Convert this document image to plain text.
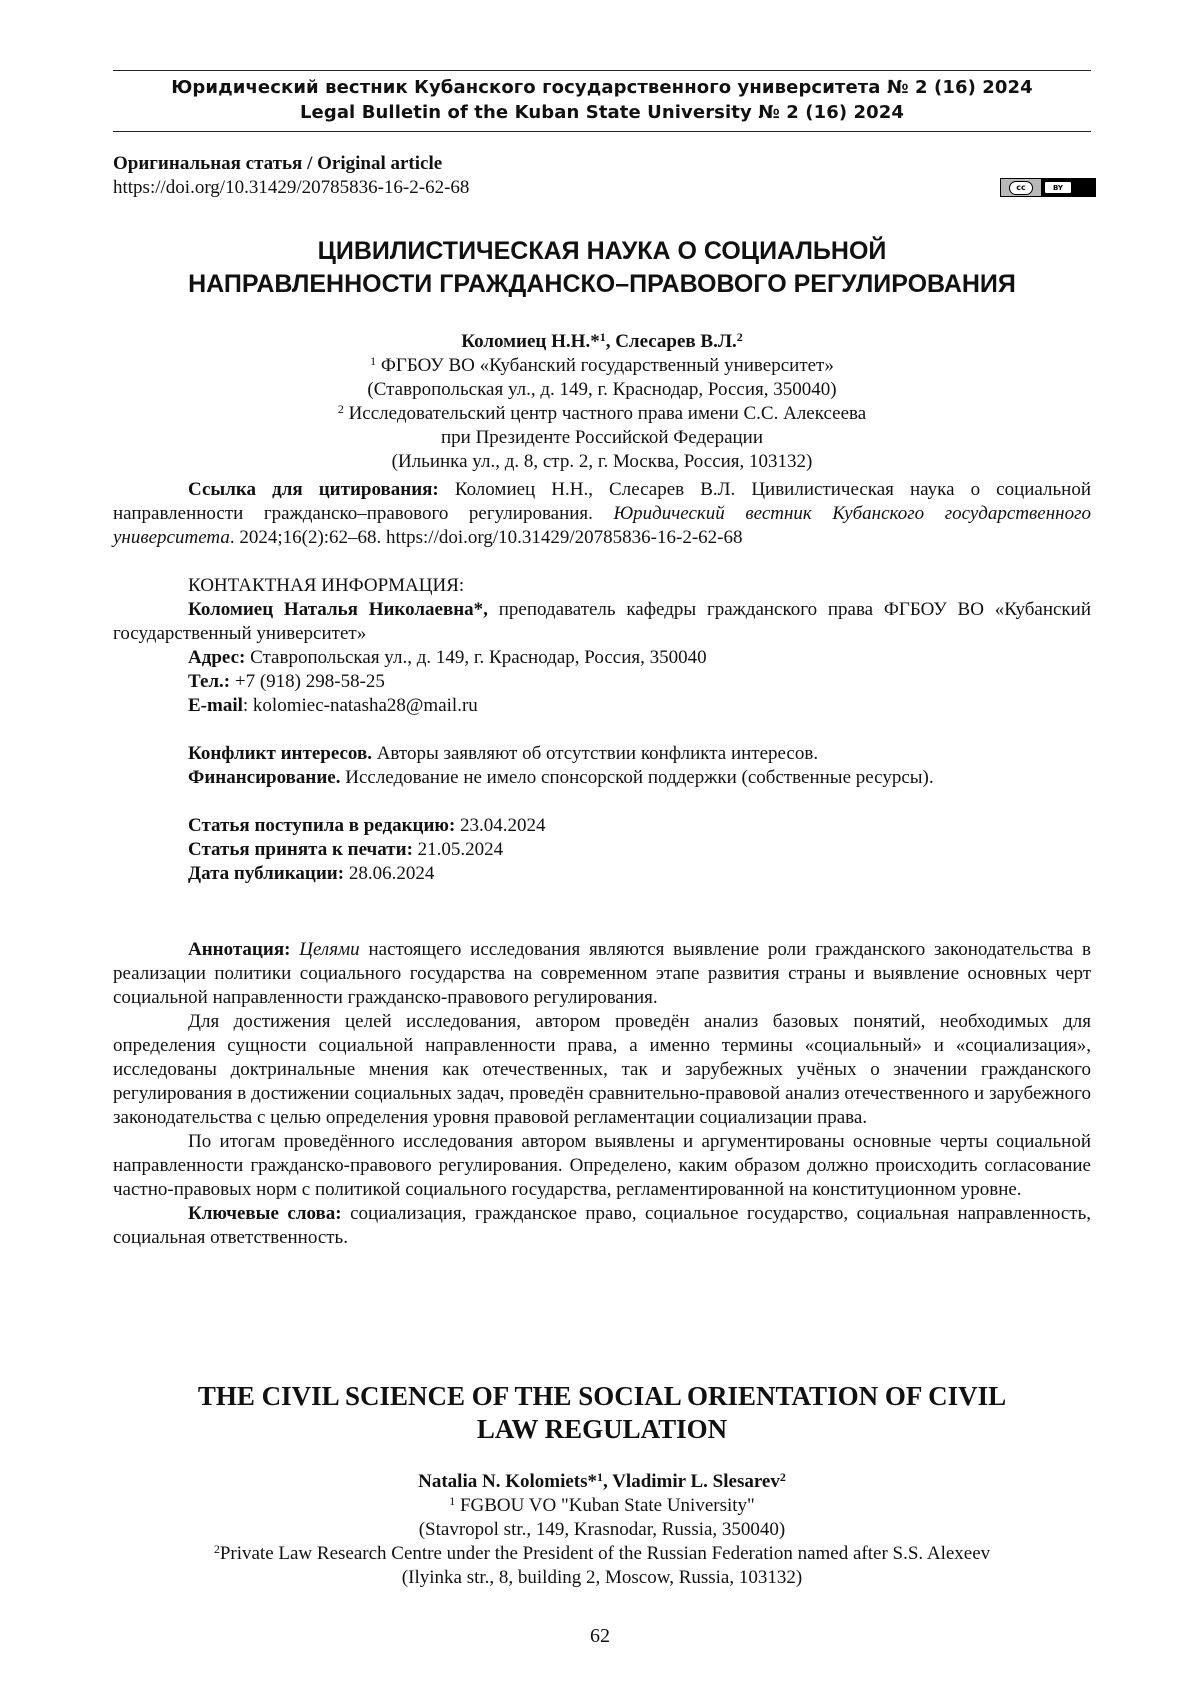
Юридический вестник Кубанского государственного университета № 2 (16) 2024
Legal Bulletin of the Kuban State University № 2 (16) 2024
Оригинальная статья / Original article
https://doi.org/10.31429/20785836-16-2-62-68	cc	BY
ЦИВИЛИСТИЧЕСКАЯ НАУКА О СОЦИАЛЬНОЙ
НАПРАВЛЕННОСТИ ГРАЖДАНСКО–ПРАВОВОГО РЕГУЛИРОВАНИЯ
Коломиец Н.Н.*$^1$, Слесарев В.Л.$^2$
$^1$ ФГБОУ ВО «Кубанский государственный университет»
(Ставропольская ул., д. 149, г. Краснодар, Россия, 350040)
$^2$ Исследовательский центр частного права имени С.С. Алексеева
при Президенте Российской Федерации
(Ильинка ул., д. 8, стр. 2, г. Москва, Россия, 103132)
Ссылка для цитирования: Коломиец Н.Н., Слесарев В.Л. Цивилистическая наука о социальной направленности гражданско–правового регулирования. Юридический вестник Кубанского государственного университета. 2024;16(2):62–68. https://doi.org/10.31429/20785836-16-2-62-68
КОНТАКТНАЯ ИНФОРМАЦИЯ:
Коломиец Наталья Николаевна*, преподаватель кафедры гражданского права ФГБОУ ВО «Кубанский государственный университет»
Адрес: Ставропольская ул., д. 149, г. Краснодар, Россия, 350040
Тел.: +7 (918) 298-58-25
E-mail: kolomiec-natasha28@mail.ru
Конфликт интересов. Авторы заявляют об отсутствии конфликта интересов.
Финансирование. Исследование не имело спонсорской поддержки (собственные ресурсы).
Статья поступила в редакцию: 23.04.2024
Статья принята к печати: 21.05.2024
Дата публикации: 28.06.2024
Аннотация: Целями настоящего исследования являются выявление роли гражданского законодательства в реализации политики социального государства на современном этапе развития страны и выявление основных черт социальной направленности гражданско-правового регулирования.
Для достижения целей исследования, автором проведён анализ базовых понятий, необходимых для определения сущности социальной направленности права, а именно термины «социальный» и «социализация», исследованы доктринальные мнения как отечественных, так и зарубежных учёных о значении гражданского регулирования в достижении социальных задач, проведён сравнительно-правовой анализ отечественного и зарубежного законодательства с целью определения уровня правовой регламентации социализации права.
По итогам проведённого исследования автором выявлены и аргументированы основные черты социальной направленности гражданско-правового регулирования. Определено, каким образом должно происходить согласование частно-правовых норм с политикой социального государства, регламентированной на конституционном уровне.
Ключевые слова: социализация, гражданское право, социальное государство, социальная направленность, социальная ответственность.
THE CIVIL SCIENCE OF THE SOCIAL ORIENTATION OF CIVIL
LAW REGULATION
Natalia N. Kolomiets*$^1$, Vladimir L. Slesarev$^2$
$^1$ FGBOU VO "Kuban State University"
(Stavropol str., 149, Krasnodar, Russia, 350040)
$^2$Private Law Research Centre under the President of the Russian Federation named after S.S. Alexeev
(Ilyinka str., 8, building 2, Moscow, Russia, 103132)
62
